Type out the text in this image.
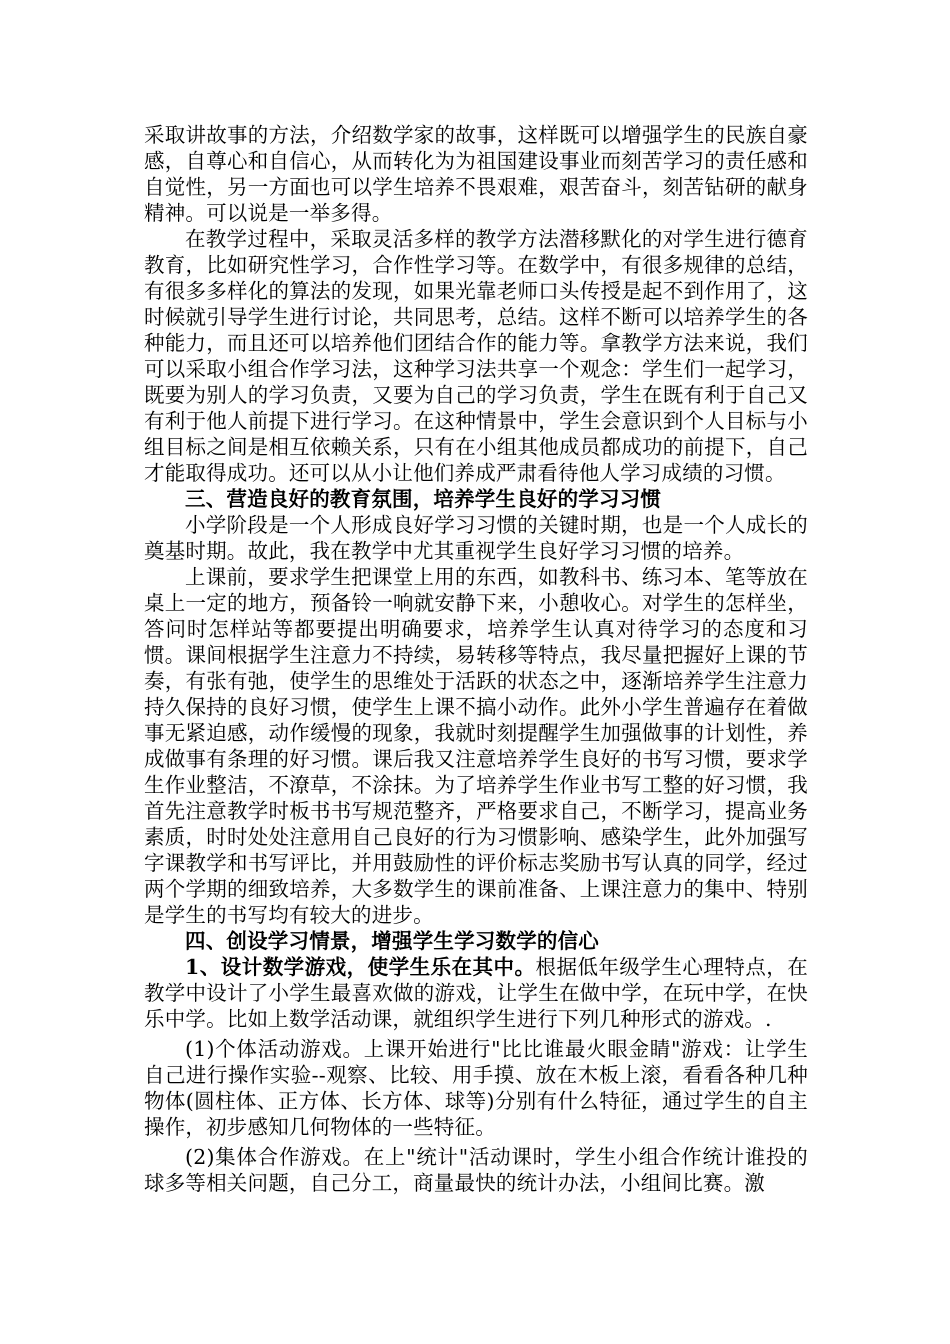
采取讲故事的方法，介绍数学家的故事，这样既可以增强学生的民族自豪感，自尊心和自信心，从而转化为为祖国建设事业而刻苦学习的责任感和自觉性，另一方面也可以学生培养不畏艰难，艰苦奋斗，刻苦钻研的献身精神。可以说是一举多得。

在教学过程中，采取灵活多样的教学方法潜移默化的对学生进行德育教育，比如研究性学习，合作性学习等。在数学中，有很多规律的总结，有很多多样化的算法的发现，如果光靠老师口头传授是起不到作用了，这时候就引导学生进行讨论，共同思考，总结。这样不断可以培养学生的各种能力，而且还可以培养他们团结合作的能力等。拿教学方法来说，我们可以采取小组合作学习法，这种学习法共享一个观念：学生们一起学习，既要为别人的学习负责，又要为自己的学习负责，学生在既有利于自己又有利于他人前提下进行学习。在这种情景中，学生会意识到个人目标与小组目标之间是相互依赖关系，只有在小组其他成员都成功的前提下，自己才能取得成功。还可以从小让他们养成严肃看待他人学习成绩的习惯。

三、营造良好的教育氛围，培养学生良好的学习习惯

小学阶段是一个人形成良好学习习惯的关键时期，也是一个人成长的奠基时期。故此，我在教学中尤其重视学生良好学习习惯的培养。

上课前，要求学生把课堂上用的东西，如教科书、练习本、笔等放在桌上一定的地方，预备铃一响就安静下来，小憩收心。对学生的怎样坐，答问时怎样站等都要提出明确要求，培养学生认真对待学习的态度和习惯。课间根据学生注意力不持续，易转移等特点，我尽量把握好上课的节奏，有张有弛，使学生的思维处于活跃的状态之中，逐渐培养学生注意力持久保持的良好习惯，使学生上课不搞小动作。此外小学生普遍存在着做事无紧迫感，动作缓慢的现象，我就时刻提醒学生加强做事的计划性，养成做事有条理的好习惯。课后我又注意培养学生良好的书写习惯，要求学生作业整洁，不潦草，不涂抹。为了培养学生作业书写工整的好习惯，我首先注意教学时板书书写规范整齐，严格要求自己，不断学习，提高业务素质，时时处处注意用自己良好的行为习惯影响、感染学生，此外加强写字课教学和书写评比，并用鼓励性的评价标志奖励书写认真的同学，经过两个学期的细致培养，大多数学生的课前准备、上课注意力的集中、特别是学生的书写均有较大的进步。

四、创设学习情景，增强学生学习数学的信心

1、设计数学游戏，使学生乐在其中。根据低年级学生心理特点，在教学中设计了小学生最喜欢做的游戏，让学生在做中学，在玩中学，在快乐中学。比如上数学活动课，就组织学生进行下列几种形式的游戏。.

(1)个体活动游戏。上课开始进行"比比谁最火眼金睛"游戏：让学生自己进行操作实验--观察、比较、用手摸、放在木板上滚，看看各种几种物体(圆柱体、正方体、长方体、球等)分别有什么特征，通过学生的自主操作，初步感知几何物体的一些特征。

(2)集体合作游戏。在上"统计"活动课时，学生小组合作统计谁投的球多等相关问题，自己分工，商量最快的统计办法，小组间比赛。激
